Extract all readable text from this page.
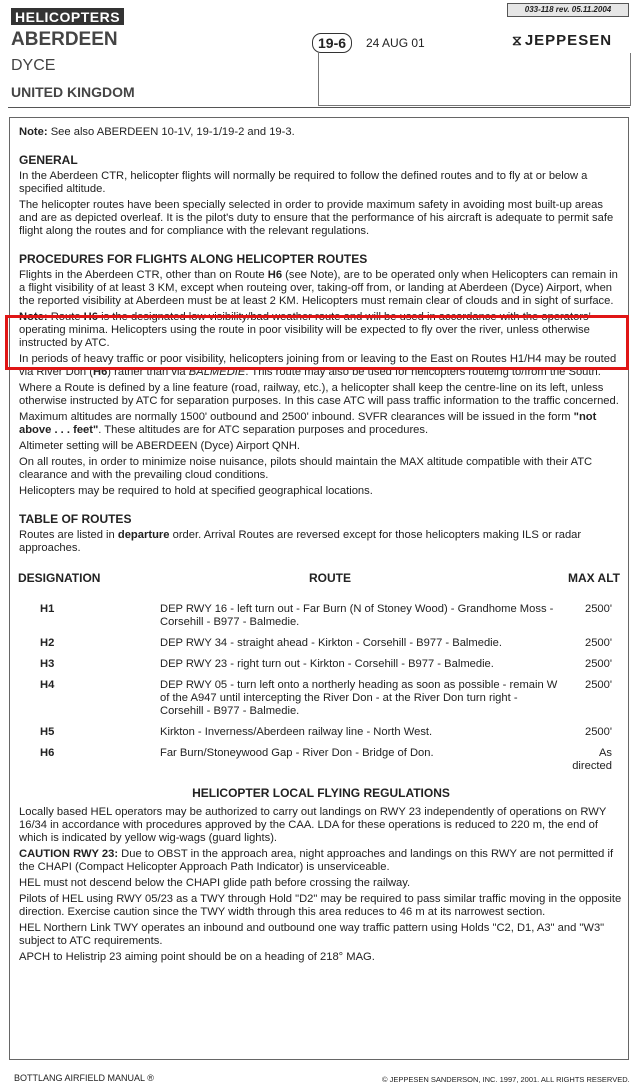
033-118 rev. 05.11.2004
HELICOPTERS
ABERDEEN
DYCE
UNITED KINGDOM
19-6	24 AUG 01	⧖ JEPPESEN

Note: See also ABERDEEN 10-1V, 19-1/19-2 and 19-3.

GENERAL

In the Aberdeen CTR, helicopter flights will normally be required to follow the defined routes and to fly at or below a specified altitude.

The helicopter routes have been specially selected in order to provide maximum safety in avoiding most built-up areas and are as depicted overleaf. It is the pilot's duty to ensure that the performance of his aircraft is adequate to permit safe flight along the routes and for compliance with the relevant regulations.

PROCEDURES FOR FLIGHTS ALONG HELICOPTER ROUTES

Flights in the Aberdeen CTR, other than on Route H6 (see Note), are to be operated only when Helicopters can remain in a flight visibility of at least 3 KM, except when routeing over, taking-off from, or landing at Aberdeen (Dyce) Airport, when the reported visibility at Aberdeen must be at least 2 KM. Helicopters must remain clear of clouds and in sight of surface.

Note: Route H6 is the designated low visibility/bad weather route and will be used in accordance with the operators' operating minima. Helicopters using the route in poor visibility will be expected to fly over the river, unless otherwise instructed by ATC.

In periods of heavy traffic or poor visibility, helicopters joining from or leaving to the East on Routes H1/H4 may be routed via River Don (H6) rather than via BALMEDIE. This route may also be used for helicopters routeing to/from the South.

Where a Route is defined by a line feature (road, railway, etc.), a helicopter shall keep the centre-line on its left, unless otherwise instructed by ATC for separation purposes. In this case ATC will pass traffic information to the traffic concerned.

Maximum altitudes are normally 1500' outbound and 2500' inbound. SVFR clearances will be issued in the form "not above . . . feet". These altitudes are for ATC separation purposes and procedures.

Altimeter setting will be ABERDEEN (Dyce) Airport QNH.

On all routes, in order to minimize noise nuisance, pilots should maintain the MAX altitude compatible with their ATC clearance and with the prevailing cloud conditions.

Helicopters may be required to hold at specified geographical locations.

TABLE OF ROUTES

Routes are listed in departure order. Arrival Routes are reversed except for those helicopters making ILS or radar approaches.

DESIGNATION	ROUTE	MAX ALT
H1	DEP RWY 16 - left turn out - Far Burn (N of Stoney Wood) - Grandhome Moss - Corsehill - B977 - Balmedie.	2500'
H2	DEP RWY 34 - straight ahead - Kirkton - Corsehill - B977 - Balmedie.	2500'
H3	DEP RWY 23 - right turn out - Kirkton - Corsehill - B977 - Balmedie.	2500'
H4	DEP RWY 05 - turn left onto a northerly heading as soon as possible - remain W of the A947 until intercepting the River Don - at the River Don turn right - Corsehill - B977 - Balmedie.	2500'
H5	Kirkton - Inverness/Aberdeen railway line - North West.	2500'
H6	Far Burn/Stoneywood Gap - River Don - Bridge of Don.	As directed
HELICOPTER LOCAL FLYING REGULATIONS

Locally based HEL operators may be authorized to carry out landings on RWY 23 independently of operations on RWY 16/34 in accordance with procedures approved by the CAA. LDA for these operations is reduced to 220 m, the end of which is indicated by yellow wig-wags (guard lights).

CAUTION RWY 23: Due to OBST in the approach area, night approaches and landings on this RWY are not permitted if the CHAPI (Compact Helicopter Approach Path Indicator) is unserviceable.

HEL must not descend below the CHAPI glide path before crossing the railway.

Pilots of HEL using RWY 05/23 as a TWY through Hold "D2" may be required to pass similar traffic moving in the opposite direction. Exercise caution since the TWY width through this area reduces to 46 m at its narrowest section.

HEL Northern Link TWY operates an inbound and outbound one way traffic pattern using Holds "C2, D1, A3" and "W3" subject to ATC requirements.

APCH to Helistrip 23 aiming point should be on a heading of 218° MAG.

BOTTLANG AIRFIELD MANUAL ®	© JEPPESEN SANDERSON, INC. 1997, 2001. ALL RIGHTS RESERVED.
